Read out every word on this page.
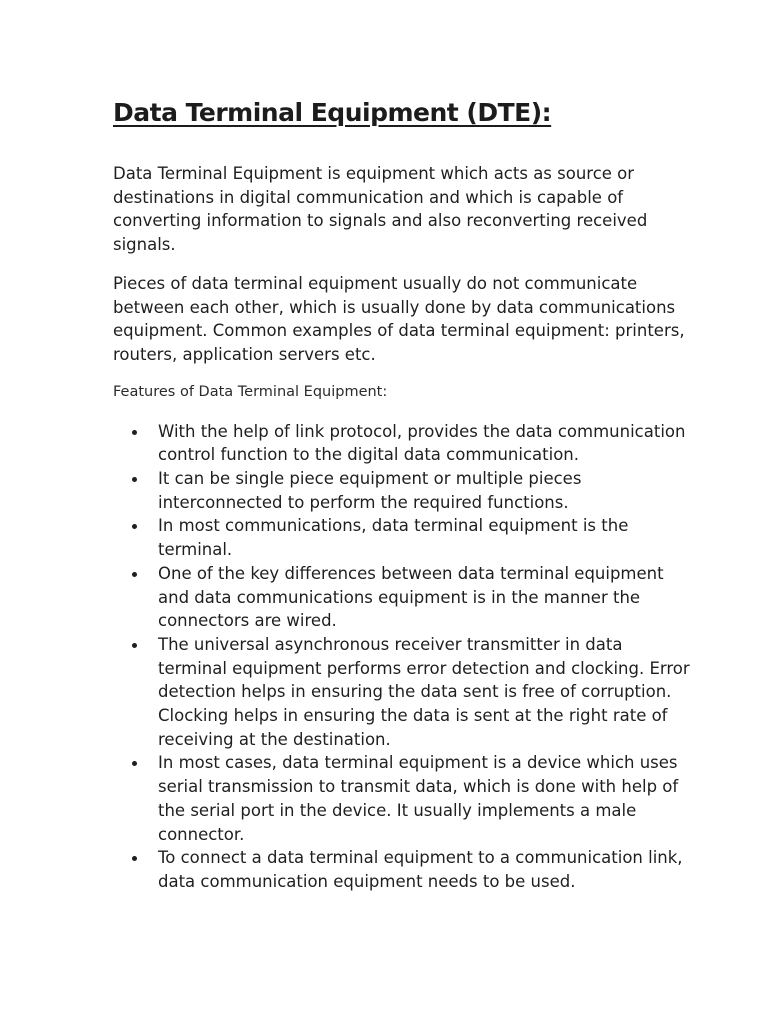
Data Terminal Equipment (DTE):

Data Terminal Equipment is equipment which acts as source or destinations in digital communication and which is capable of converting information to signals and also reconverting received signals.

Pieces of data terminal equipment usually do not communicate between each other, which is usually done by data communications equipment. Common examples of data terminal equipment: printers, routers, application servers etc.

Features of Data Terminal Equipment:
With the help of link protocol, provides the data communication control function to the digital data communication.
It can be single piece equipment or multiple pieces interconnected to perform the required functions.
In most communications, data terminal equipment is the terminal.
One of the key differences between data terminal equipment and data communications equipment is in the manner the connectors are wired.
The universal asynchronous receiver transmitter in data terminal equipment performs error detection and clocking. Error detection helps in ensuring the data sent is free of corruption. Clocking helps in ensuring the data is sent at the right rate of receiving at the destination.
In most cases, data terminal equipment is a device which uses serial transmission to transmit data, which is done with help of the serial port in the device. It usually implements a male connector.
To connect a data terminal equipment to a communication link, data communication equipment needs to be used.
